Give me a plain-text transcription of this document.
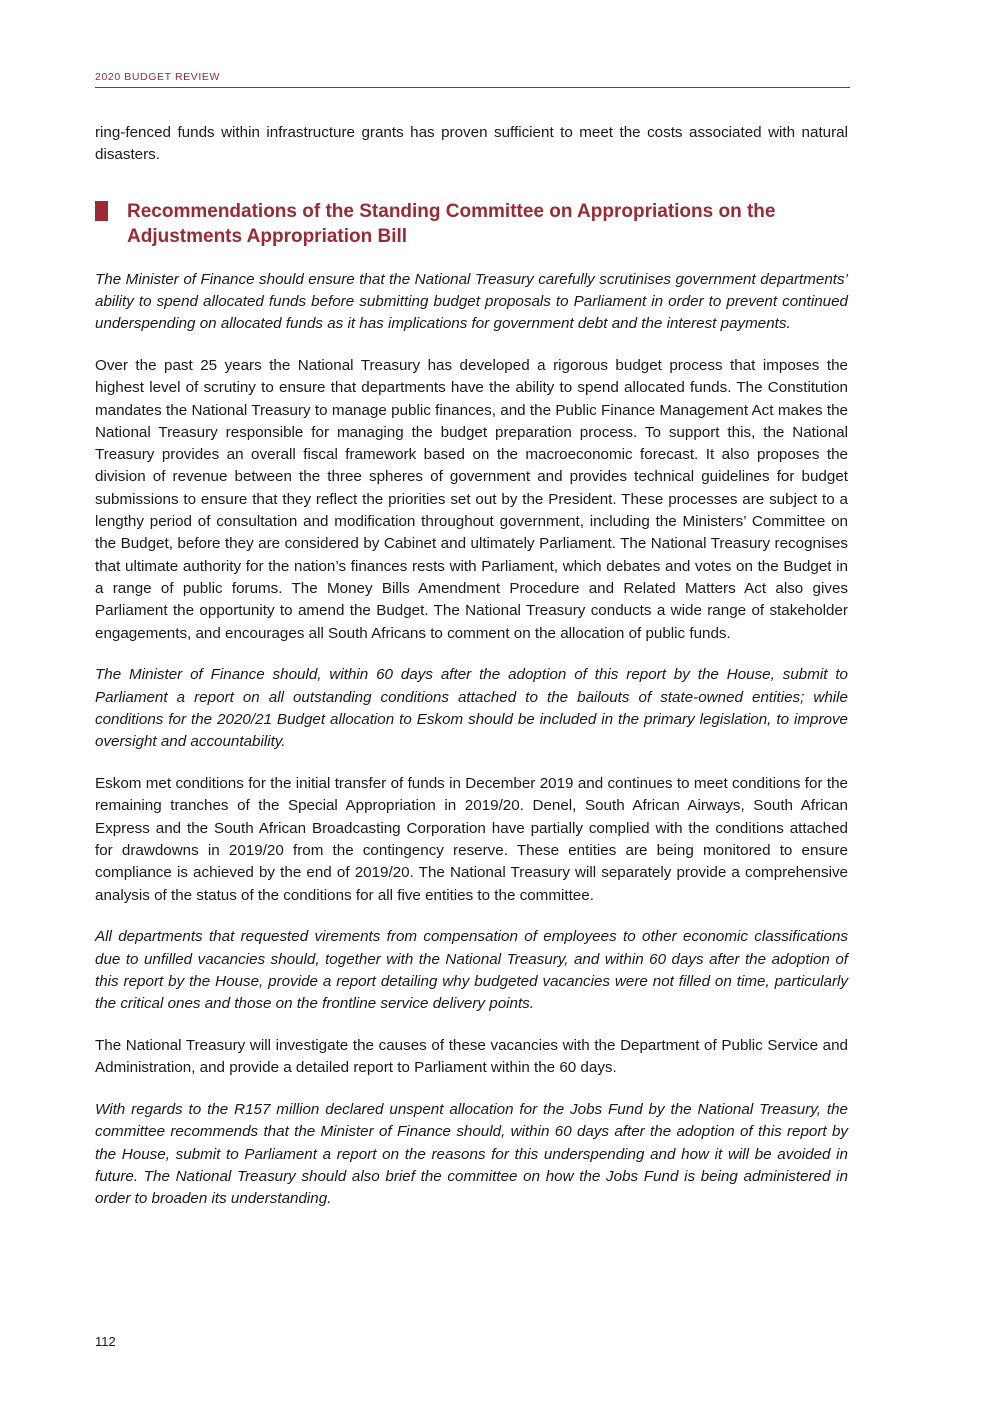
2020 BUDGET REVIEW

ring-fenced funds within infrastructure grants has proven sufficient to meet the costs associated with natural disasters.

Recommendations of the Standing Committee on Appropriations on the Adjustments Appropriation Bill

The Minister of Finance should ensure that the National Treasury carefully scrutinises government departments’ ability to spend allocated funds before submitting budget proposals to Parliament in order to prevent continued underspending on allocated funds as it has implications for government debt and the interest payments.

Over the past 25 years the National Treasury has developed a rigorous budget process that imposes the highest level of scrutiny to ensure that departments have the ability to spend allocated funds. The Constitution mandates the National Treasury to manage public finances, and the Public Finance Management Act makes the National Treasury responsible for managing the budget preparation process. To support this, the National Treasury provides an overall fiscal framework based on the macroeconomic forecast. It also proposes the division of revenue between the three spheres of government and provides technical guidelines for budget submissions to ensure that they reflect the priorities set out by the President. These processes are subject to a lengthy period of consultation and modification throughout government, including the Ministers’ Committee on the Budget, before they are considered by Cabinet and ultimately Parliament. The National Treasury recognises that ultimate authority for the nation’s finances rests with Parliament, which debates and votes on the Budget in a range of public forums. The Money Bills Amendment Procedure and Related Matters Act also gives Parliament the opportunity to amend the Budget. The National Treasury conducts a wide range of stakeholder engagements, and encourages all South Africans to comment on the allocation of public funds.

The Minister of Finance should, within 60 days after the adoption of this report by the House, submit to Parliament a report on all outstanding conditions attached to the bailouts of state-owned entities; while conditions for the 2020/21 Budget allocation to Eskom should be included in the primary legislation, to improve oversight and accountability.

Eskom met conditions for the initial transfer of funds in December 2019 and continues to meet conditions for the remaining tranches of the Special Appropriation in 2019/20. Denel, South African Airways, South African Express and the South African Broadcasting Corporation have partially complied with the conditions attached for drawdowns in 2019/20 from the contingency reserve. These entities are being monitored to ensure compliance is achieved by the end of 2019/20. The National Treasury will separately provide a comprehensive analysis of the status of the conditions for all five entities to the committee.

All departments that requested virements from compensation of employees to other economic classifications due to unfilled vacancies should, together with the National Treasury, and within 60 days after the adoption of this report by the House, provide a report detailing why budgeted vacancies were not filled on time, particularly the critical ones and those on the frontline service delivery points.

The National Treasury will investigate the causes of these vacancies with the Department of Public Service and Administration, and provide a detailed report to Parliament within the 60 days.

With regards to the R157 million declared unspent allocation for the Jobs Fund by the National Treasury, the committee recommends that the Minister of Finance should, within 60 days after the adoption of this report by the House, submit to Parliament a report on the reasons for this underspending and how it will be avoided in future. The National Treasury should also brief the committee on how the Jobs Fund is being administered in order to broaden its understanding.

112
